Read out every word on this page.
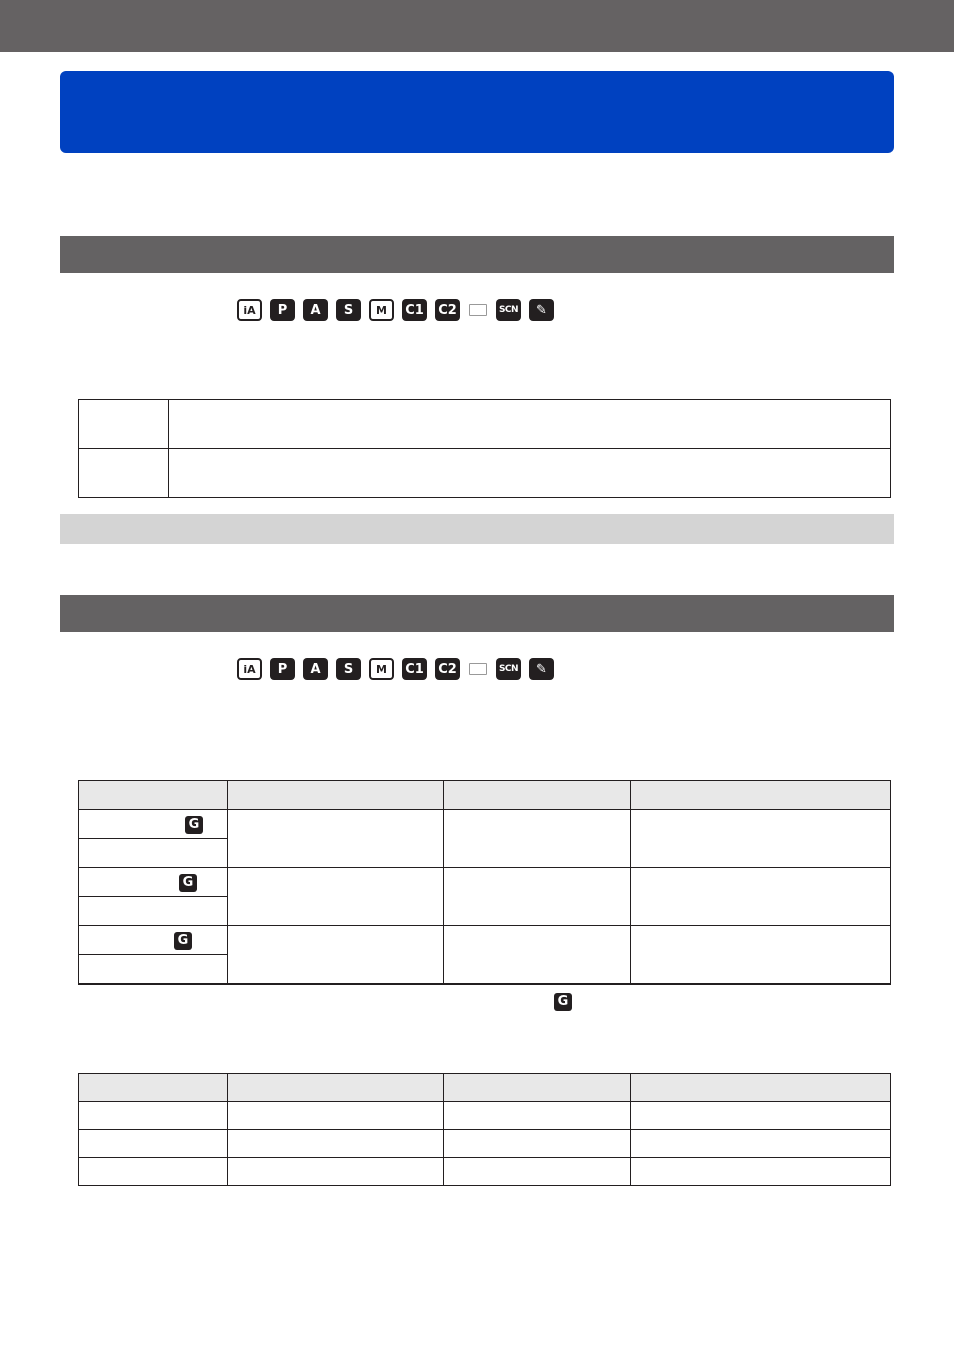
iA	P	A	S	M	C1 C2	SCN	✎

iA	P	A	S	M	C1 C2	SCN	✎

G			

G			

G			

G
